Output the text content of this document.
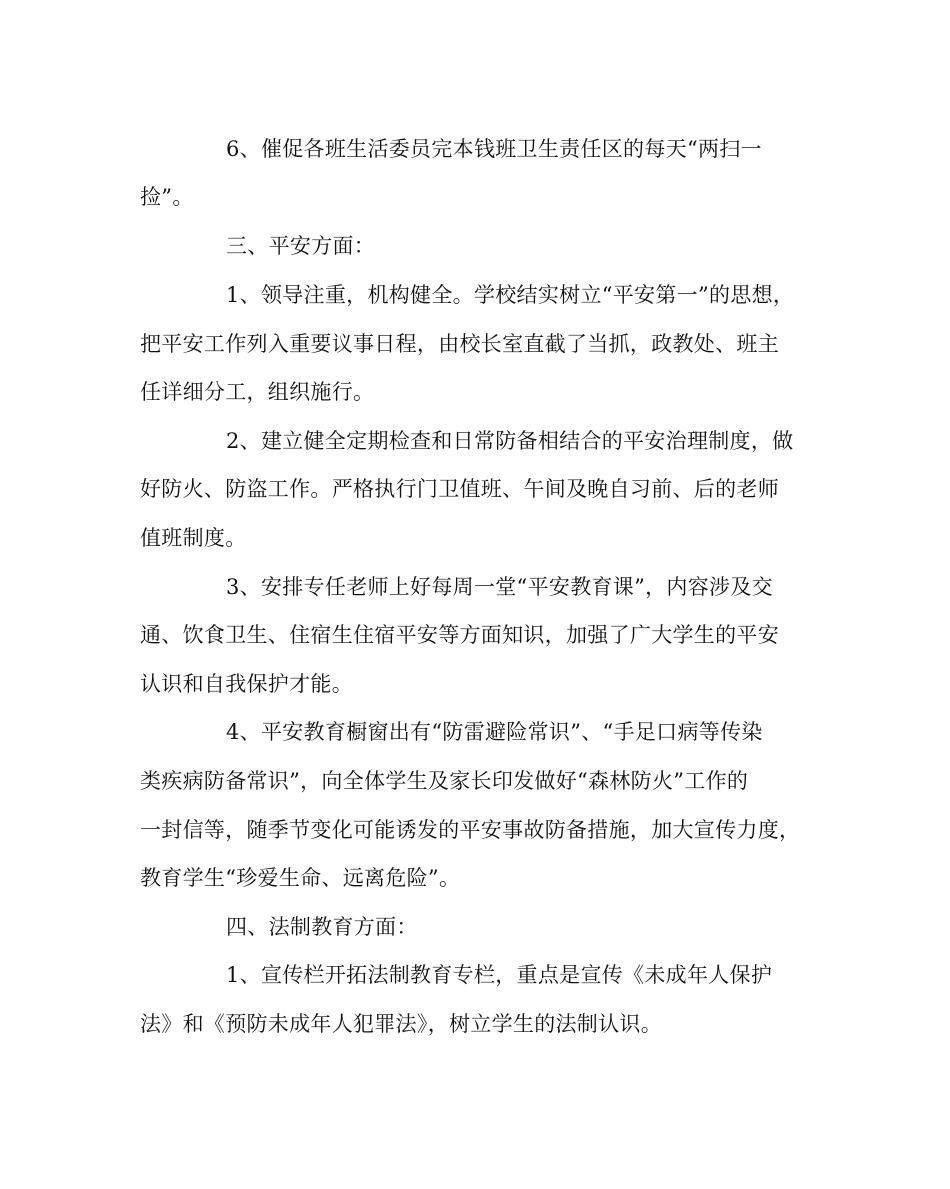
6、催促各班生活委员完本钱班卫生责任区的每天“两扫一
捡”。
三、平安方面：
1、领导注重，机构健全。学校结实树立“平安第一”的思想，
把平安工作列入重要议事日程，由校长室直截了当抓，政教处、班主
任详细分工，组织施行。
2、建立健全定期检查和日常防备相结合的平安治理制度，做
好防火、防盗工作。严格执行门卫值班、午间及晚自习前、后的老师
值班制度。
3、安排专任老师上好每周一堂“平安教育课”，内容涉及交
通、饮食卫生、住宿生住宿平安等方面知识，加强了广大学生的平安
认识和自我保护才能。
4、平安教育橱窗出有“防雷避险常识”、“手足口病等传染
类疾病防备常识”，向全体学生及家长印发做好“森林防火”工作的
一封信等，随季节变化可能诱发的平安事故防备措施，加大宣传力度，
教育学生“珍爱生命、远离危险”。
四、法制教育方面：
1、宣传栏开拓法制教育专栏，重点是宣传《未成年人保护
法》和《预防未成年人犯罪法》，树立学生的法制认识。
